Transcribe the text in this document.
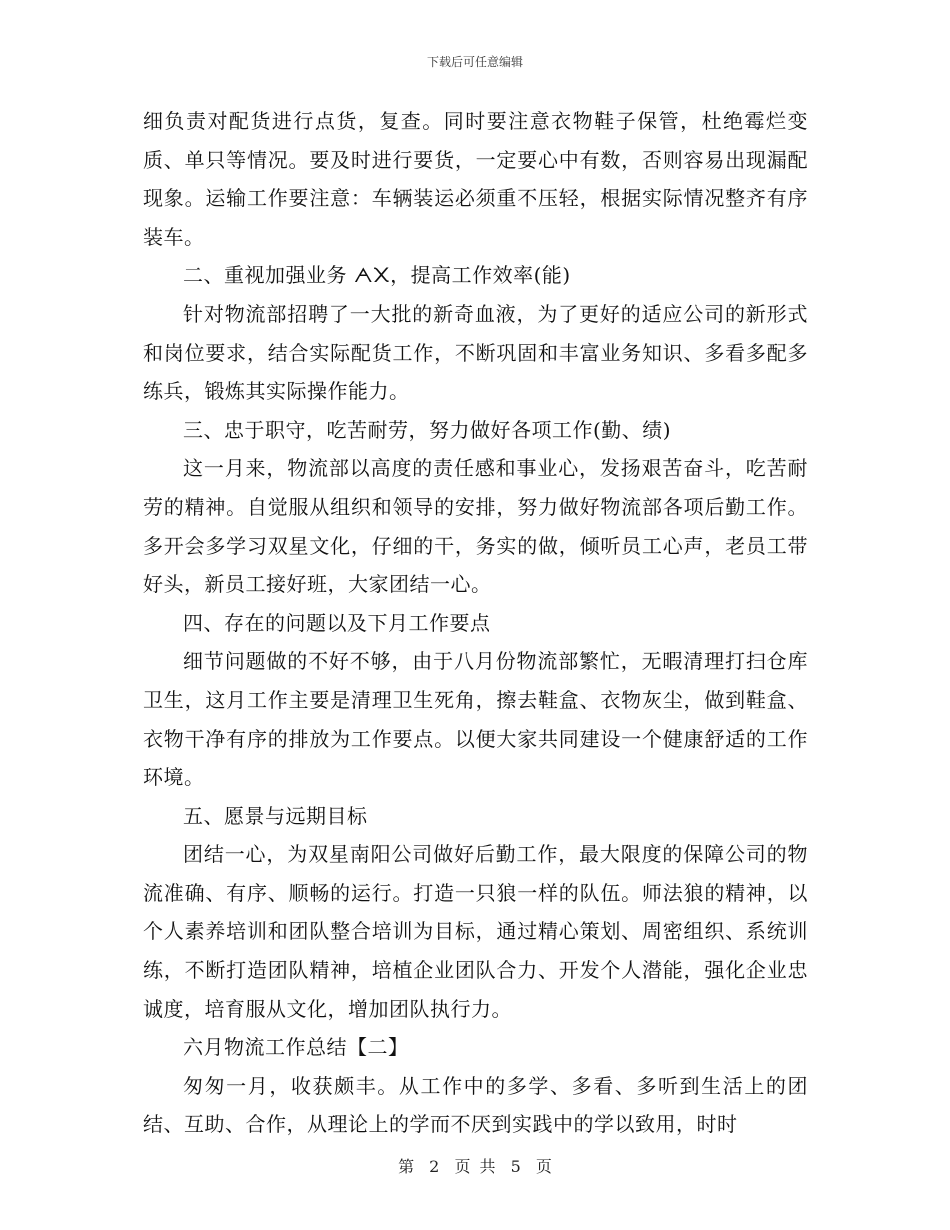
下载后可任意编辑

细负责对配货进行点货，复查。同时要注意衣物鞋子保管，杜绝霉烂变质、单只等情况。要及时进行要货，一定要心中有数，否则容易出现漏配现象。运输工作要注意：车辆装运必须重不压轻，根据实际情况整齐有序装车。

二、重视加强业务 ᗅ᙭，提高工作效率(能)

针对物流部招聘了一大批的新奇血液，为了更好的适应公司的新形式和岗位要求，结合实际配货工作，不断巩固和丰富业务知识、多看多配多练兵，锻炼其实际操作能力。

三、忠于职守，吃苦耐劳，努力做好各项工作(勤、绩)

这一月来，物流部以高度的责任感和事业心，发扬艰苦奋斗，吃苦耐劳的精神。自觉服从组织和领导的安排，努力做好物流部各项后勤工作。多开会多学习双星文化，仔细的干，务实的做，倾听员工心声，老员工带好头，新员工接好班，大家团结一心。

四、存在的问题以及下月工作要点

细节问题做的不好不够，由于八月份物流部繁忙，无暇清理打扫仓库卫生，这月工作主要是清理卫生死角，擦去鞋盒、衣物灰尘，做到鞋盒、衣物干净有序的排放为工作要点。以便大家共同建设一个健康舒适的工作环境。

五、愿景与远期目标

团结一心，为双星南阳公司做好后勤工作，最大限度的保障公司的物流准确、有序、顺畅的运行。打造一只狼一样的队伍。师法狼的精神，以个人素养培训和团队整合培训为目标，通过精心策划、周密组织、系统训练，不断打造团队精神，培植企业团队合力、开发个人潜能，强化企业忠诚度，培育服从文化，增加团队执行力。

六月物流工作总结【二】

匆匆一月，收获颇丰。从工作中的多学、多看、多听到生活上的团结、互助、合作，从理论上的学而不厌到实践中的学以致用，时时

第 2 页 共 5 页
